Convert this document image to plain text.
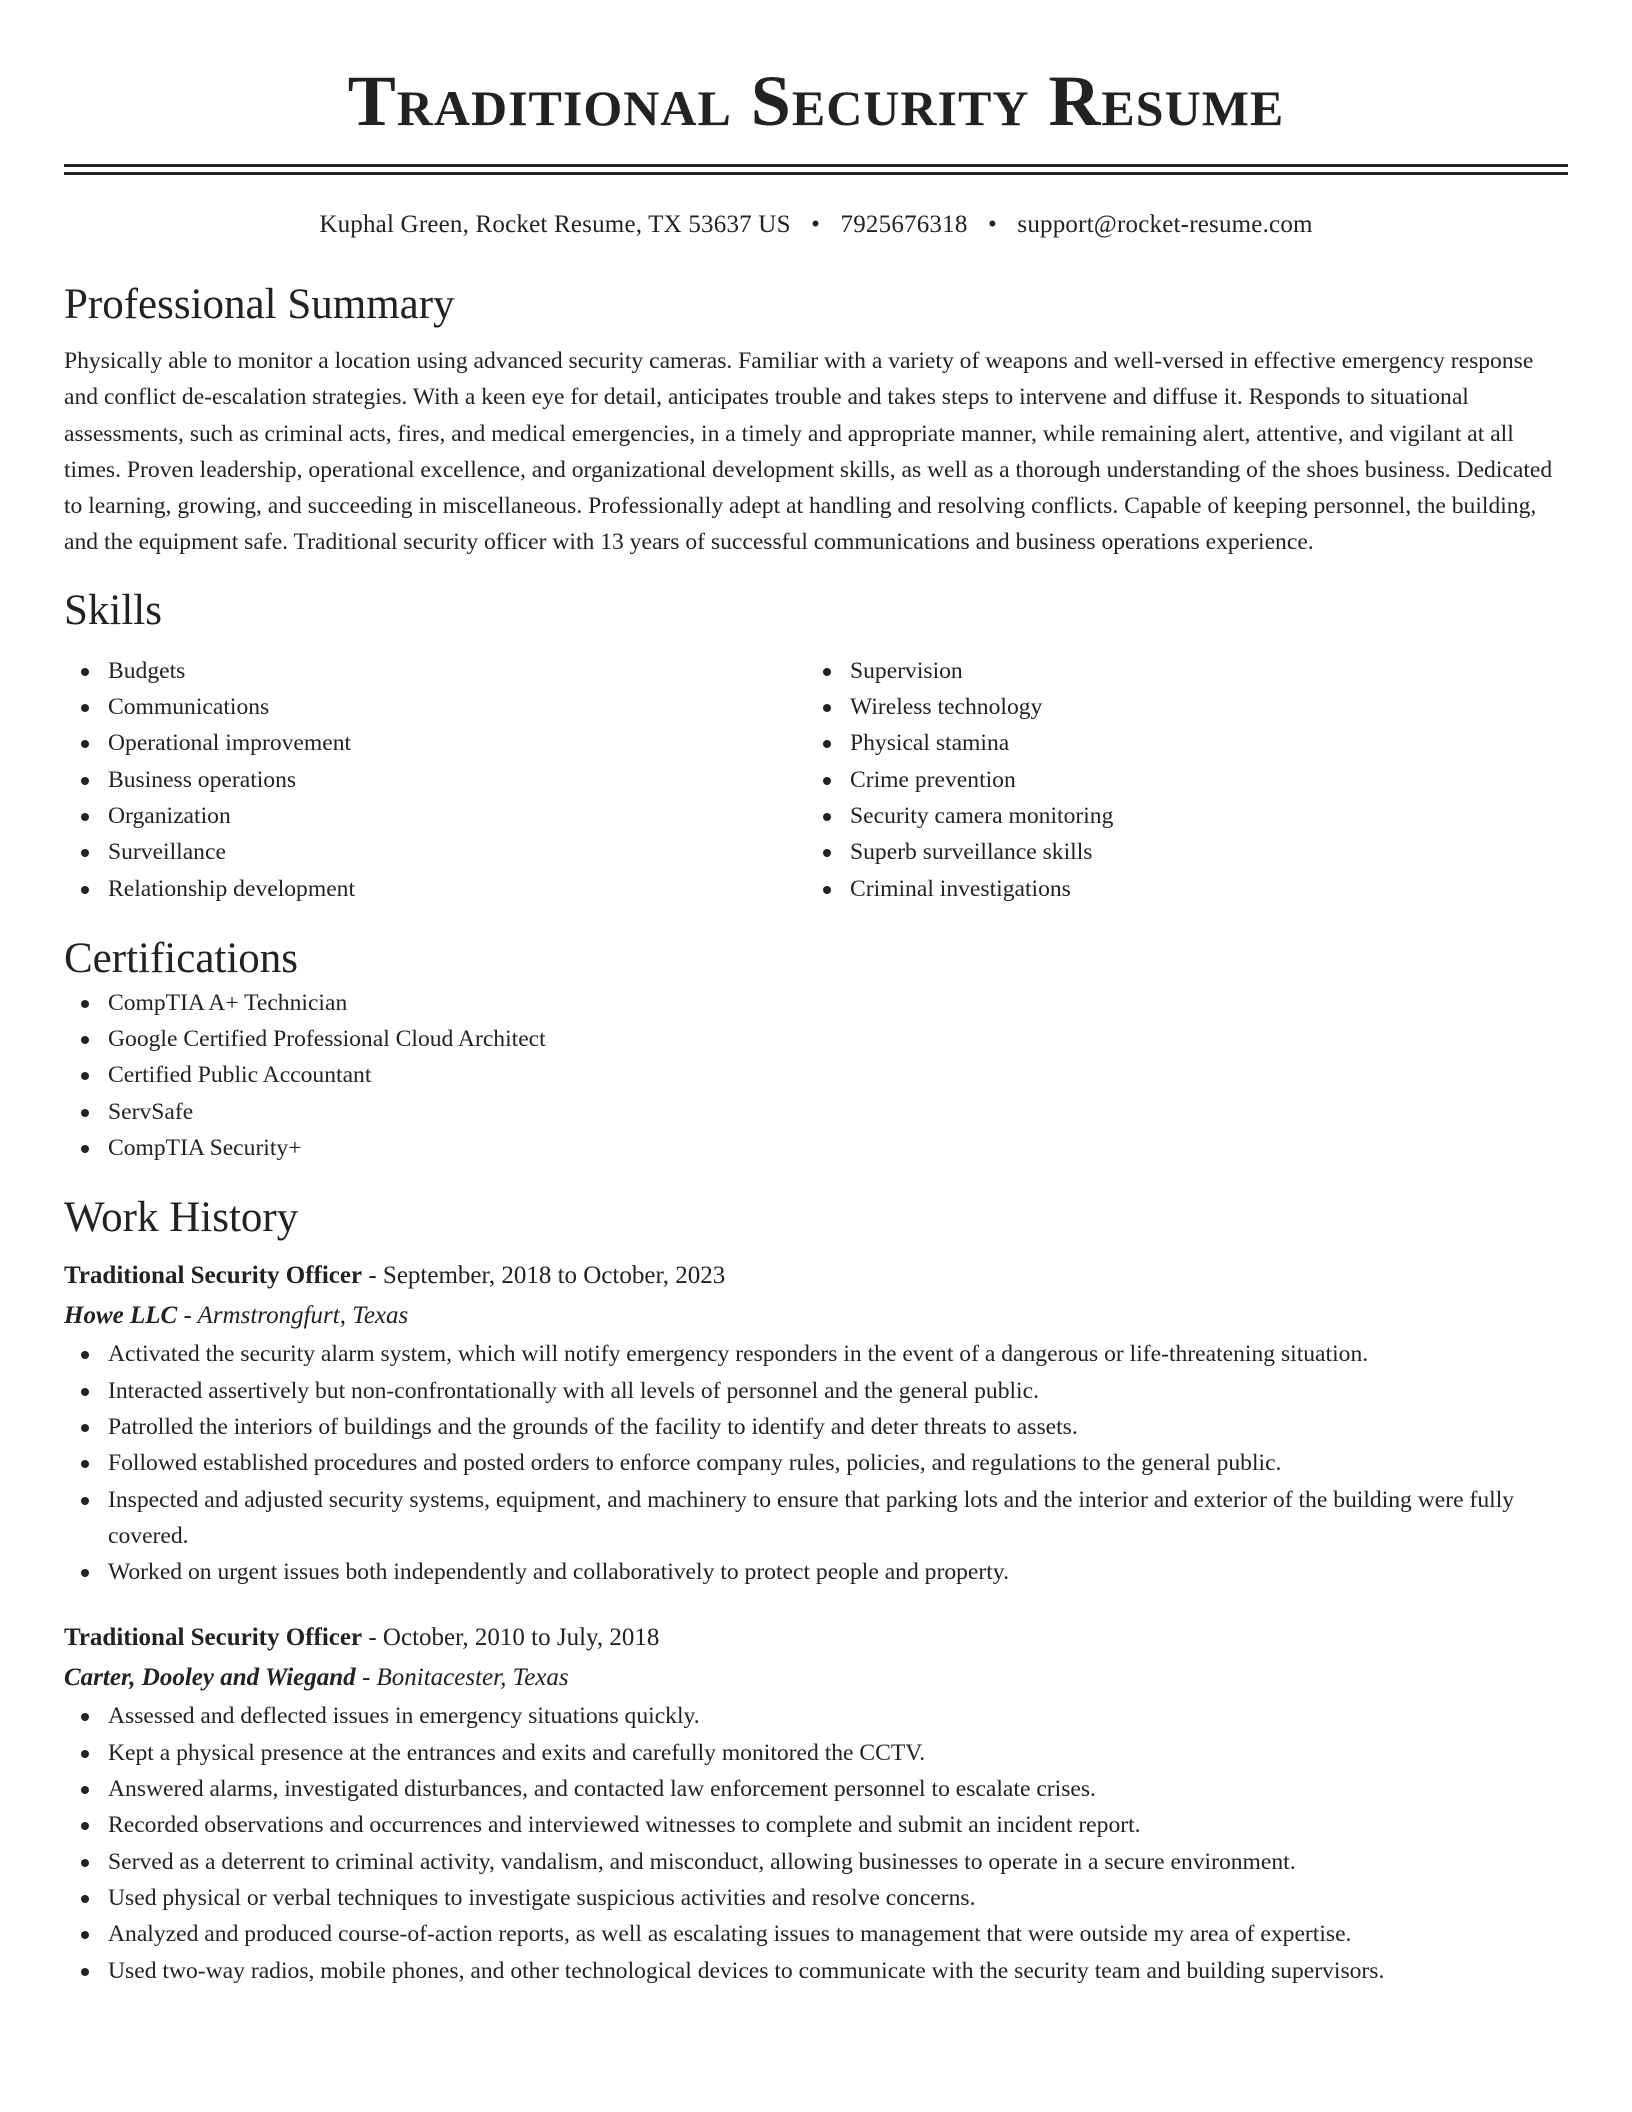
Traditional Security Resume
Kuphal Green, Rocket Resume, TX 53637 US • 7925676318 • support@rocket-resume.com
Professional Summary

Physically able to monitor a location using advanced security cameras. Familiar with a variety of weapons and well-versed in effective emergency response and conflict de-escalation strategies. With a keen eye for detail, anticipates trouble and takes steps to intervene and diffuse it. Responds to situational assessments, such as criminal acts, fires, and medical emergencies, in a timely and appropriate manner, while remaining alert, attentive, and vigilant at all times. Proven leadership, operational excellence, and organizational development skills, as well as a thorough understanding of the shoes business. Dedicated to learning, growing, and succeeding in miscellaneous. Professionally adept at handling and resolving conflicts. Capable of keeping personnel, the building, and the equipment safe. Traditional security officer with 13 years of successful communications and business operations experience.

Skills
Budgets
Communications
Operational improvement
Business operations
Organization
Surveillance
Relationship development
Supervision
Wireless technology
Physical stamina
Crime prevention
Security camera monitoring
Superb surveillance skills
Criminal investigations
Certifications
CompTIA A+ Technician
Google Certified Professional Cloud Architect
Certified Public Accountant
ServSafe
CompTIA Security+
Work History
Traditional Security Officer - September, 2018 to October, 2023
Howe LLC - Armstrongfurt, Texas
Activated the security alarm system, which will notify emergency responders in the event of a dangerous or life-threatening situation.
Interacted assertively but non-confrontationally with all levels of personnel and the general public.
Patrolled the interiors of buildings and the grounds of the facility to identify and deter threats to assets.
Followed established procedures and posted orders to enforce company rules, policies, and regulations to the general public.
Inspected and adjusted security systems, equipment, and machinery to ensure that parking lots and the interior and exterior of the building were fully covered.
Worked on urgent issues both independently and collaboratively to protect people and property.
Traditional Security Officer - October, 2010 to July, 2018
Carter, Dooley and Wiegand - Bonitacester, Texas
Assessed and deflected issues in emergency situations quickly.
Kept a physical presence at the entrances and exits and carefully monitored the CCTV.
Answered alarms, investigated disturbances, and contacted law enforcement personnel to escalate crises.
Recorded observations and occurrences and interviewed witnesses to complete and submit an incident report.
Served as a deterrent to criminal activity, vandalism, and misconduct, allowing businesses to operate in a secure environment.
Used physical or verbal techniques to investigate suspicious activities and resolve concerns.
Analyzed and produced course-of-action reports, as well as escalating issues to management that were outside my area of expertise.
Used two-way radios, mobile phones, and other technological devices to communicate with the security team and building supervisors.
